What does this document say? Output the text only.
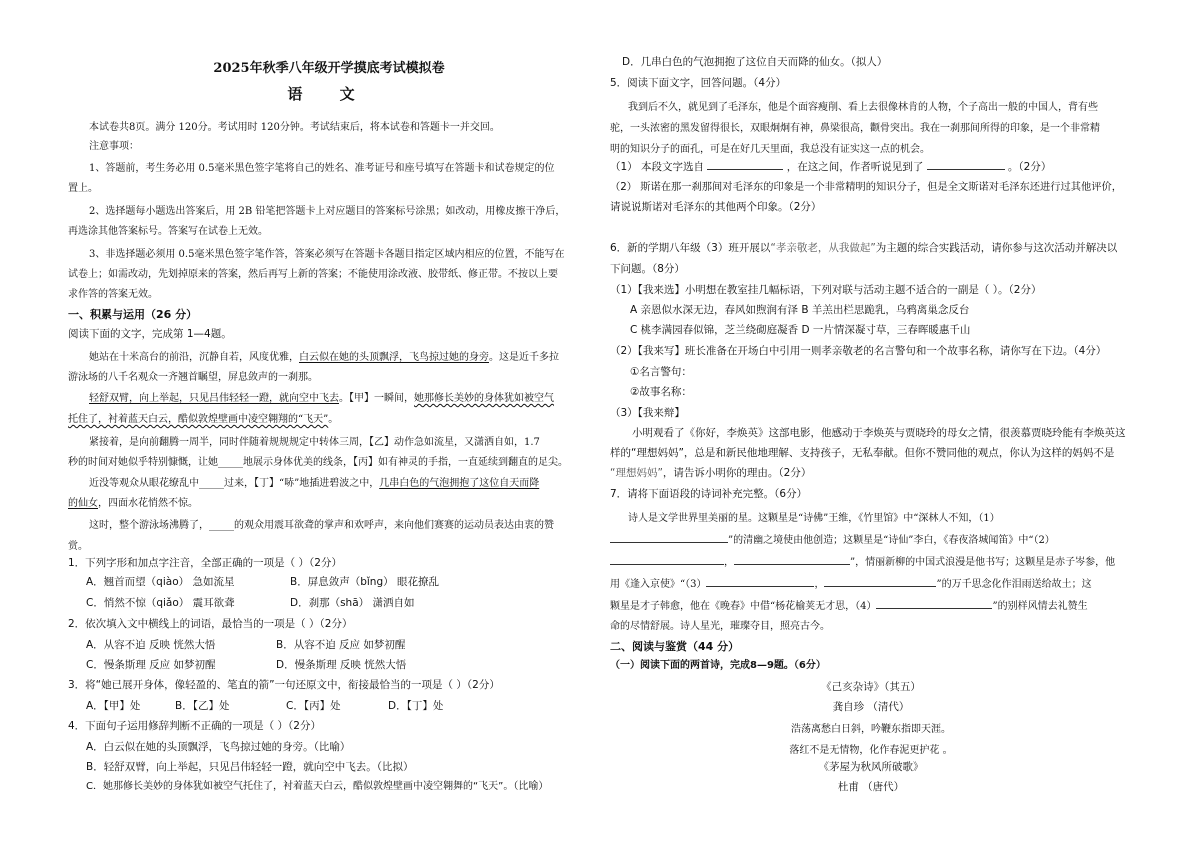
2025年秋季八年级开学摸底考试模拟卷
语 文
本试卷共8页。满分 120分。考试用时 120分钟。考试结束后，将本试卷和答题卡一并交回。
注意事项：
1、答题前，考生务必用 0.5毫米黑色签字笔将自己的姓名、准考证号和座号填写在答题卡和试卷规定的位
置上。
2、选择题每小题选出答案后，用 2B 铅笔把答题卡上对应题目的答案标号涂黑；如改动，用橡皮擦干净后，
再选涂其他答案标号。答案写在试卷上无效。
3、非选择题必须用 0.5毫米黑色签字笔作答，答案必须写在答题卡各题目指定区域内相应的位置，不能写在
试卷上；如需改动，先划掉原来的答案，然后再写上新的答案；不能使用涂改液、胶带纸、修正带。不按以上要
求作答的答案无效。
一、积累与运用（26 分）
阅读下面的文字，完成第 1—4题。
她站在十米高台的前沿，沉静自若，风度优雅，白云似在她的头顶飘浮，飞鸟掠过她的身旁。这是近千多拉
游泳场的八千名观众一齐翘首瞩望，屏息敛声的一刹那。
轻舒双臂，向上举起，只见吕伟轻轻一蹬，就向空中飞去。【甲】一瞬间，她那修长美妙的身体犹如被空气
托住了，衬着蓝天白云，酷似敦煌壁画中凌空翱翔的“飞天”。
紧接着，是向前翻腾一周半，同时伴随着规规规定中转体三周，【乙】动作急如流星，又潇洒自如，1.7
秒的时间对她似乎特别慷慨，让她_____地展示身体优美的线条，【丙】如有神灵的手指，一直延续到翻直的足尖。
近没等观众从眼花缭乱中_____过来，【丁】“哧”地插进碧波之中，几串白色的气泡拥抱了这位自天而降
的仙女，四面水花悄然不惊。
这时，整个游泳场沸腾了，_____的观众用震耳欲聋的掌声和欢呼声，来向他们赛赛的运动员表达由衷的赞
赏。
1．下列字形和加点字注音，全部正确的一项是（ ）（2分）
A．翘首而望（qiào） 急如流星	B．屏息敛声（bǐng） 眼花撩乱
C．悄然不惊（qiǎo） 震耳欲聋	D．刹那（shā） 潇洒自如
2．依次填入文中横线上的词语，最恰当的一项是（ ）（2分）
A．从容不迫 反映 恍然大悟	B．从容不迫 反应 如梦初醒
C．慢条斯理 反应 如梦初醒	D．慢条斯理 反映 恍然大悟
3．将“她已展开身体，像轻盈的、笔直的箭”一句还原文中，衔接最恰当的一项是（ ）（2分）
A．【甲】处	B．【乙】处	C．【丙】处	D．【丁】处
4．下面句子运用修辞判断不正确的一项是（ ）（2分）
A．白云似在她的头顶飘浮，飞鸟掠过她的身旁。（比喻）
B．轻舒双臂，向上举起，只见吕伟轻轻一蹬，就向空中飞去。（比拟）
C．她那修长美妙的身体犹如被空气托住了，衬着蓝天白云，酷似敦煌壁画中凌空翱舞的“飞天”。（比喻）
D．几串白色的气泡拥抱了这位自天而降的仙女。（拟人）
5．阅读下面文字，回答问题。（4分）
我到后不久，就见到了毛泽东，他是个面容瘦削、看上去很像林肯的人物，个子高出一般的中国人，背有些
驼，一头浓密的黑发留得很长，双眼炯炯有神，鼻梁很高，颧骨突出。我在一刹那间所得的印象，是一个非常精
明的知识分子的面孔，可是在好几天里面，我总没有证实这一点的机会。
（1） 本段文字选自	，在这之间，作者听说见到了	。（2分）
（2） 斯诺在那一刹那间对毛泽东的印象是一个非常精明的知识分子，但是全文斯诺对毛泽东还进行过其他评价，
请说说斯诺对毛泽东的其他两个印象。（2分）
6．新的学期八年级（3）班开展以“孝亲敬老，从我做起”为主题的综合实践活动，请你参与这次活动并解决以
下问题。（8分）
（1）【我来选】小明想在教室挂几幅标语，下列对联与活动主题不适合的一副是（ ）。（2分）
A 亲恩似水深无边，春风如煦润有泽 B 羊羔出栏思跪乳，乌鸦离巢念反台
C 桃李满园春似锦，芝兰绕砌庭凝香 D 一片情深凝寸草，三春晖暖惠千山
（2）【我来写】班长准备在开场白中引用一则孝亲敬老的名言警句和一个故事名称，请你写在下边。（4分）
①名言警句：
②故事名称：
（3）【我来辩】
小明观看了《你好，李焕英》这部电影，他感动于李焕英与贾晓玲的母女之情，很羡慕贾晓玲能有李焕英这
样的“理想妈妈”，总是和新民他地理解、支持孩子，无私奉献。但你不赞同他的观点，你认为这样的妈妈不是
“理想妈妈”，请告诉小明你的理由。（2分）
7．请将下面语段的诗词补充完整。（6分）
诗人是文学世界里美丽的星。这颗星是“诗佛”王维，《竹里馆》中“深林人不知，（1）
”的清幽之境使由他创造；这颗星是“诗仙”李白，《春夜洛城闻笛》中“（2）
，	”，情丽新柳的中国式浪漫是他书写；这颗星是赤子岑参，他
用《逢入京使》“（3）	，	”的万千思念化作泪雨送给故土；这
颗星是才子韩愈，他在《晚春》中借“杨花榆荚无才思，（4）	”的别样风情去礼赞生
命的尽情舒展。诗人星光，璀璨夺目，照亮古今。
二、阅读与鉴赏（44 分）
（一）阅读下面的两首诗，完成8—9题。（6分）
《己亥杂诗》（其五）
龚自珍 （清代）
浩荡离愁白日斜，吟鞭东指即天涯。
落红不是无情物，化作春泥更护花 。
《茅屋为秋风所破歌》
杜甫 （唐代）
